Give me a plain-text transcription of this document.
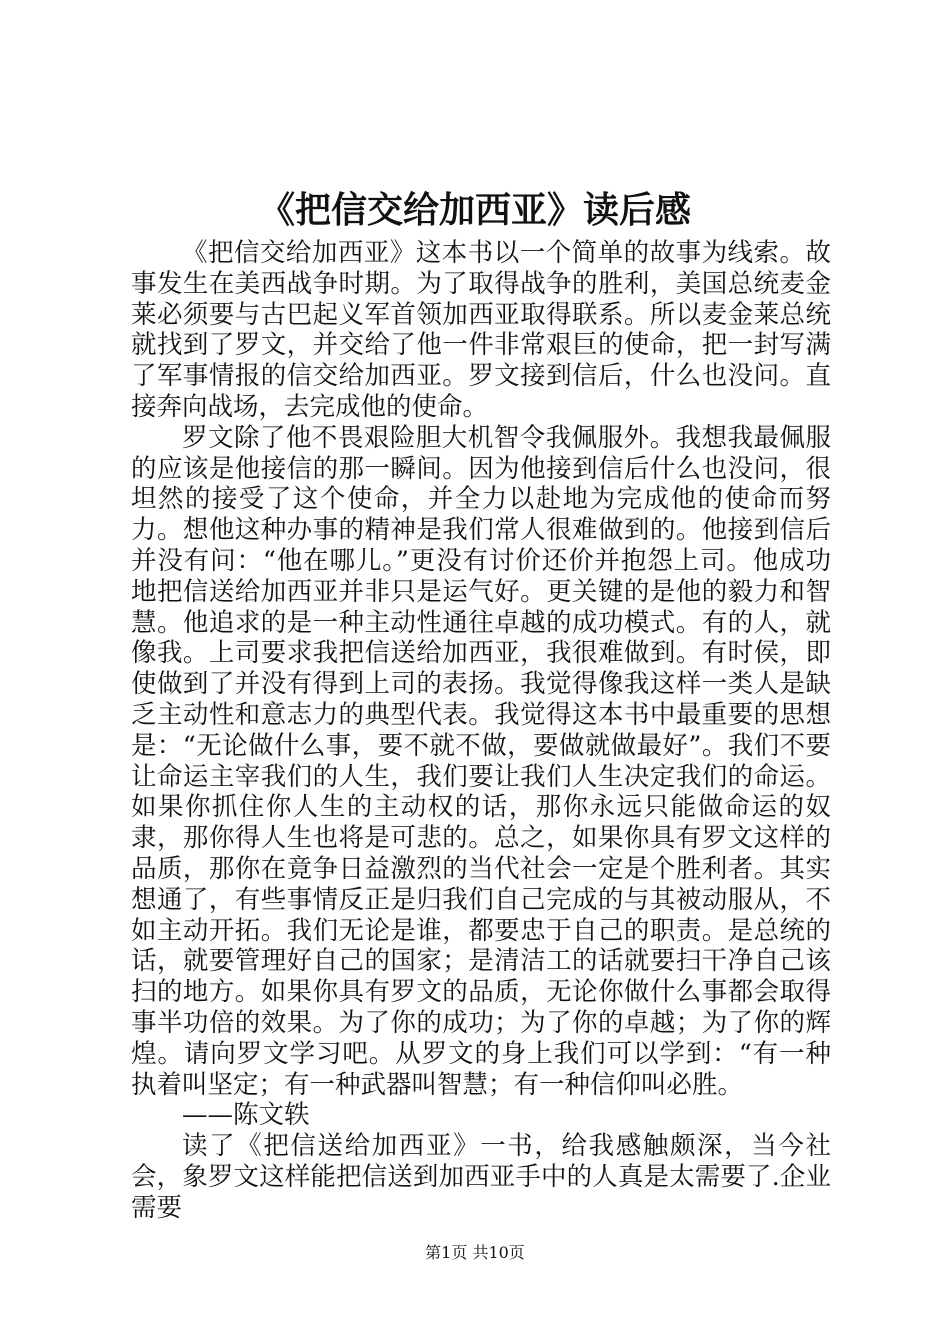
《把信交给加西亚》读后感

《把信交给加西亚》这本书以一个简单的故事为线索。故事发生在美西战争时期。为了取得战争的胜利，美国总统麦金莱必须要与古巴起义军首领加西亚取得联系。所以麦金莱总统就找到了罗文，并交给了他一件非常艰巨的使命，把一封写满了军事情报的信交给加西亚。罗文接到信后，什么也没问。直接奔向战场，去完成他的使命。

罗文除了他不畏艰险胆大机智令我佩服外。我想我最佩服的应该是他接信的那一瞬间。因为他接到信后什么也没问，很坦然的接受了这个使命，并全力以赴地为完成他的使命而努力。想他这种办事的精神是我们常人很难做到的。他接到信后并没有问：“他在哪儿。”更没有讨价还价并抱怨上司。他成功地把信送给加西亚并非只是运气好。更关键的是他的毅力和智慧。他追求的是一种主动性通往卓越的成功模式。有的人，就像我。上司要求我把信送给加西亚，我很难做到。有时侯，即使做到了并没有得到上司的表扬。我觉得像我这样一类人是缺乏主动性和意志力的典型代表。我觉得这本书中最重要的思想是：“无论做什么事，要不就不做，要做就做最好”。我们不要让命运主宰我们的人生，我们要让我们人生决定我们的命运。如果你抓住你人生的主动权的话，那你永远只能做命运的奴隶，那你得人生也将是可悲的。总之，如果你具有罗文这样的品质，那你在竟争日益激烈的当代社会一定是个胜利者。其实想通了，有些事情反正是归我们自己完成的与其被动服从，不如主动开拓。我们无论是谁，都要忠于自己的职责。是总统的话，就要管理好自己的国家；是清洁工的话就要扫干净自己该扫的地方。如果你具有罗文的品质，无论你做什么事都会取得事半功倍的效果。为了你的成功；为了你的卓越；为了你的辉煌。请向罗文学习吧。从罗文的身上我们可以学到：“有一种执着叫坚定；有一种武器叫智慧；有一种信仰叫必胜。

——陈文轶

读了《把信送给加西亚》一书，给我感触颇深，当今社会，象罗文这样能把信送到加西亚手中的人真是太需要了.企业需要

第1页 共10页
